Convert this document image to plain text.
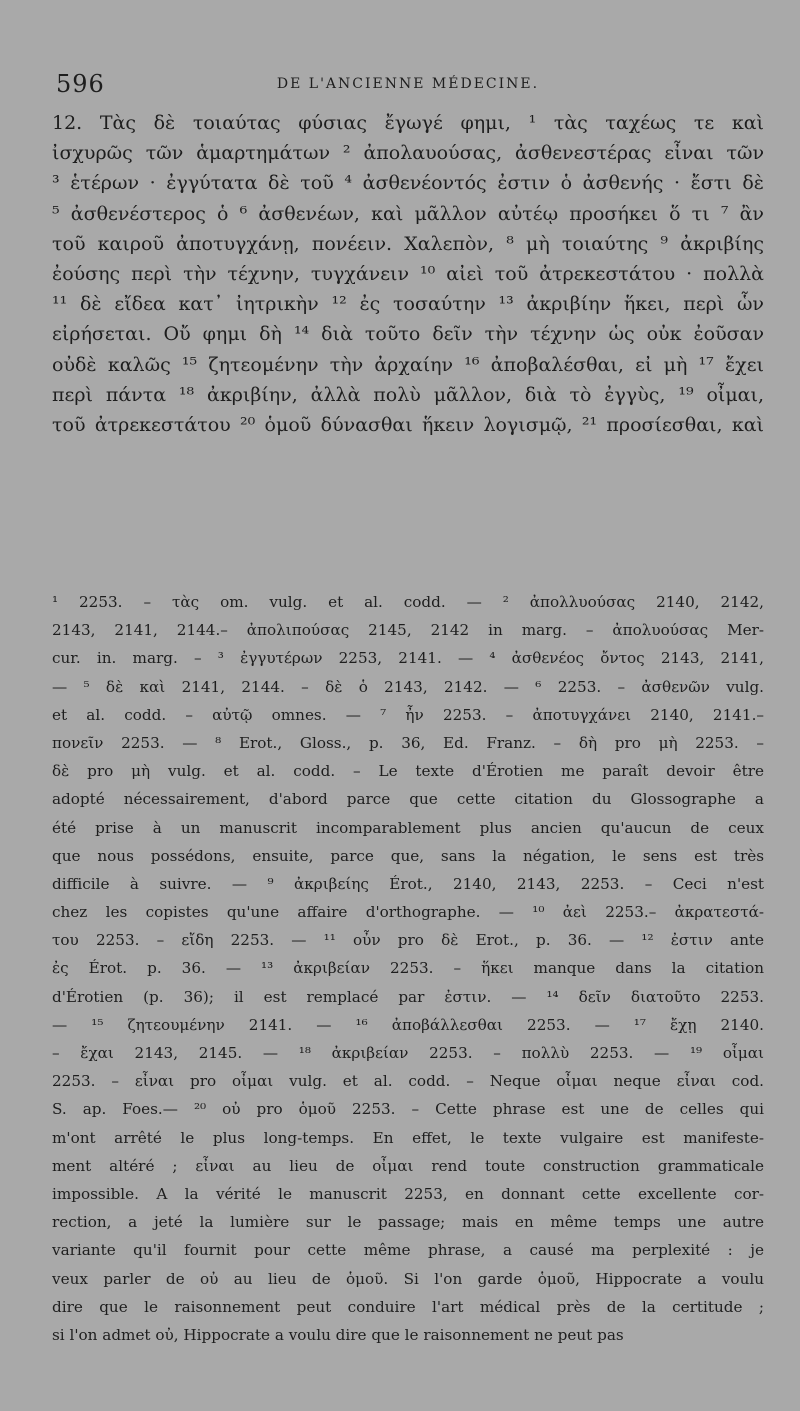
596	DE L'ANCIENNE MÉDECINE.
12. Τὰς δὲ τοιαύτας φύσιας ἔγωγέ φημι, ¹ τὰς ταχέως τε καὶ
ἰσχυρῶς τῶν ἁμαρτημάτων ² ἀπολαυούσας, ἀσθενεστέρας εἶναι τῶν
³ ἑτέρων · ἐγγύτατα δὲ τοῦ ⁴ ἀσθενέοντός ἐστιν ὁ ἀσθενής · ἔστι δὲ
⁵ ἀσθενέστερος ὁ ⁶ ἀσθενέων, καὶ μᾶλλον αὐτέῳ προσήκει ὅ τι ⁷ ἂν
τοῦ καιροῦ ἀποτυγχάνῃ, πονέειν. Χαλεπὸν, ⁸ μὴ τοιαύτης ⁹ ἀκριβίης
ἐούσης περὶ τὴν τέχνην, τυγχάνειν ¹⁰ αἰεὶ τοῦ ἀτρεκεστάτου · πολλὰ
¹¹ δὲ εἴδεα κατ᾽ ἰητρικὴν ¹² ἐς τοσαύτην ¹³ ἀκριβίην ἥκει, περὶ ὧν
εἰρήσεται. Οὔ φημι δὴ ¹⁴ διὰ τοῦτο δεῖν τὴν τέχνην ὡς οὐκ ἐοῦσαν
οὐδὲ καλῶς ¹⁵ ζητεομένην τὴν ἀρχαίην ¹⁶ ἀποβαλέσθαι, εἰ μὴ ¹⁷ ἔχει
περὶ πάντα ¹⁸ ἀκριβίην, ἀλλὰ πολὺ μᾶλλον, διὰ τὸ ἐγγὺς, ¹⁹ οἶμαι,
τοῦ ἀτρεκεστάτου ²⁰ ὁμοῦ δύνασθαι ἥκειν λογισμῷ, ²¹ προσίεσθαι, καὶ
¹ 2253. – τὰς om. vulg. et al. codd. — ² ἀπολλυούσας 2140, 2142,
2143, 2141, 2144.– ἀπολιπούσας 2145, 2142 in marg. – ἀπολυούσας Mer-
cur. in. marg. – ³ ἐγγυτέρων 2253, 2141. — ⁴ ἀσθενέος ὄντος 2143, 2141,
— ⁵ δὲ καὶ 2141, 2144. – δὲ ὁ 2143, 2142. — ⁶ 2253. – ἀσθενῶν vulg.
et al. codd. – αὐτῷ omnes. — ⁷ ἦν 2253. – ἀποτυγχάνει 2140, 2141.–
πονεῖν 2253. — ⁸ Erot., Gloss., p. 36, Ed. Franz. – δὴ pro μὴ 2253. –
δὲ pro μὴ vulg. et al. codd. – Le texte d'Érotien me paraît devoir être
adopté nécessairement, d'abord parce que cette citation du Glossographe a
été prise à un manuscrit incomparablement plus ancien qu'aucun de ceux
que nous possédons, ensuite, parce que, sans la négation, le sens est très
difficile à suivre. — ⁹ ἀκριβείης Érot., 2140, 2143, 2253. – Ceci n'est
chez les copistes qu'une affaire d'orthographe. — ¹⁰ ἀεὶ 2253.– ἀκρατεστά-
του 2253. – εἴδη 2253. — ¹¹ οὖν pro δὲ Erot., p. 36. — ¹² ἐστιν ante
ἐς Érot. p. 36. — ¹³ ἀκριβείαν 2253. – ἥκει manque dans la citation
d'Érotien (p. 36); il est remplacé par ἐστιν. — ¹⁴ δεῖν διατοῦτο 2253.
— ¹⁵ ζητεουμένην 2141. — ¹⁶ ἀποβάλλεσθαι 2253. — ¹⁷ ἔχῃ 2140.
– ἔχαι 2143, 2145. — ¹⁸ ἀκριβείαν 2253. – πολλὺ 2253. — ¹⁹ οἶμαι
2253. – εἶναι pro οἶμαι vulg. et al. codd. – Neque οἶμαι neque εἶναι cod.
S. ap. Foes.— ²⁰ οὐ pro ὁμοῦ 2253. – Cette phrase est une de celles qui
m'ont arrêté le plus long-temps. En effet, le texte vulgaire est manifeste-
ment altéré ; εἶναι au lieu de οἶμαι rend toute construction grammaticale
impossible. A la vérité le manuscrit 2253, en donnant cette excellente cor-
rection, a jeté la lumière sur le passage; mais en même temps une autre
variante qu'il fournit pour cette même phrase, a causé ma perplexité : je
veux parler de οὐ au lieu de ὁμοῦ. Si l'on garde ὁμοῦ, Hippocrate a voulu
dire que le raisonnement peut conduire l'art médical près de la certitude ;
si l'on admet οὐ, Hippocrate a voulu dire que le raisonnement ne peut pas
